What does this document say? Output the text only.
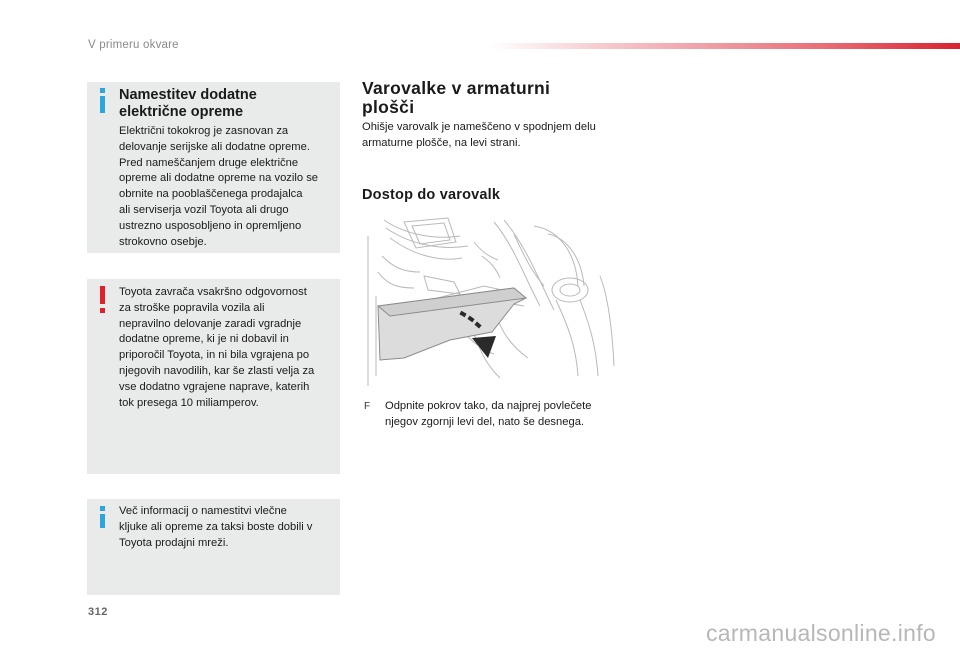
V primeru okvare
Namestitev dodatne
električne opreme
Električni tokokrog je zasnovan za
delovanje serijske ali dodatne opreme.
Pred nameščanjem druge električne
opreme ali dodatne opreme na vozilo se
obrnite na pooblaščenega prodajalca
ali serviserja vozil Toyota ali drugo
ustrezno usposobljeno in opremljeno
strokovno osebje.
Toyota zavrača vsakršno odgovornost
za stroške popravila vozila ali
nepravilno delovanje zaradi vgradnje
dodatne opreme, ki je ni dobavil in
priporočil Toyota, in ni bila vgrajena po
njegovih navodilih, kar še zlasti velja za
vse dodatno vgrajene naprave, katerih
tok presega 10 miliamperov.
Več informacij o namestitvi vlečne
kljuke ali opreme za taksi boste dobili v
Toyota prodajni mreži.
Varovalke v armaturni
plošči
Ohišje varovalk je nameščeno v spodnjem delu
armaturne plošče, na levi strani.
Dostop do varovalk
F Odpnite pokrov tako, da najprej povlečete
njegov zgornji levi del, nato še desnega.
312
carmanualsonline.info
